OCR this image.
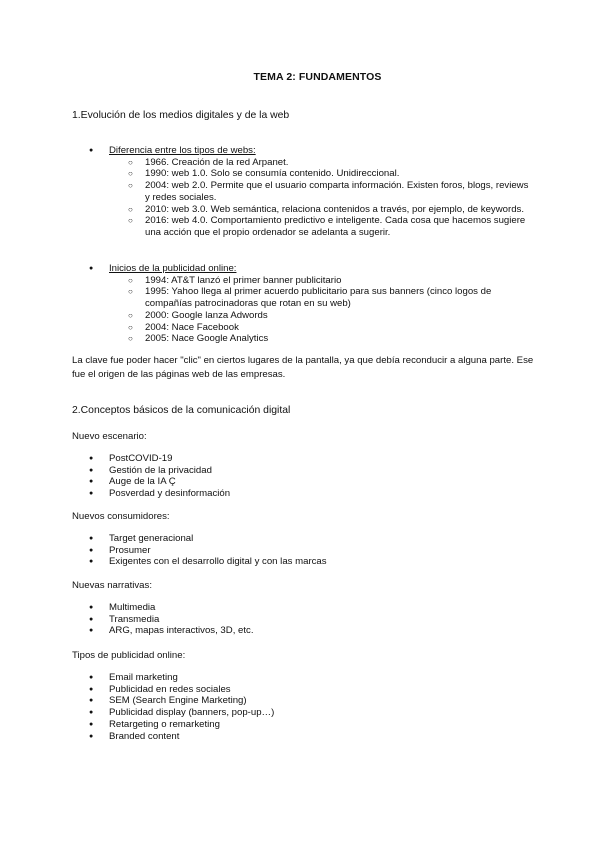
TEMA 2: FUNDAMENTOS
1.Evolución de los medios digitales y de la web
● Diferencia entre los tipos de webs:
○ 1966. Creación de la red Arpanet.
○ 1990: web 1.0. Solo se consumía contenido. Unidireccional.
○ 2004: web 2.0. Permite que el usuario comparta información. Existen foros, blogs, reviews y redes sociales.
○ 2010: web 3.0. Web semántica, relaciona contenidos a través, por ejemplo, de keywords.
○ 2016: web 4.0. Comportamiento predictivo e inteligente. Cada cosa que hacemos sugiere una acción que el propio ordenador se adelanta a sugerir.
● Inicios de la publicidad online:
○ 1994: AT&T lanzó el primer banner publicitario
○ 1995: Yahoo llega al primer acuerdo publicitario para sus banners (cinco logos de compañías patrocinadoras que rotan en su web)
○ 2000: Google lanza Adwords
○ 2004: Nace Facebook
○ 2005: Nace Google Analytics

La clave fue poder hacer "clic" en ciertos lugares de la pantalla, ya que debía reconducir a alguna parte. Ese fue el origen de las páginas web de las empresas.

2.Conceptos básicos de la comunicación digital
Nuevo escenario:
● PostCOVID-19
● Gestión de la privacidad
● Auge de la IA Ç
● Posverdad y desinformación
Nuevos consumidores:
● Target generacional
● Prosumer
● Exigentes con el desarrollo digital y con las marcas
Nuevas narrativas:
● Multimedia
● Transmedia
● ARG, mapas interactivos, 3D, etc.
Tipos de publicidad online:
● Email marketing
● Publicidad en redes sociales
● SEM (Search Engine Marketing)
● Publicidad display (banners, pop-up…)
● Retargeting o remarketing
● Branded content
